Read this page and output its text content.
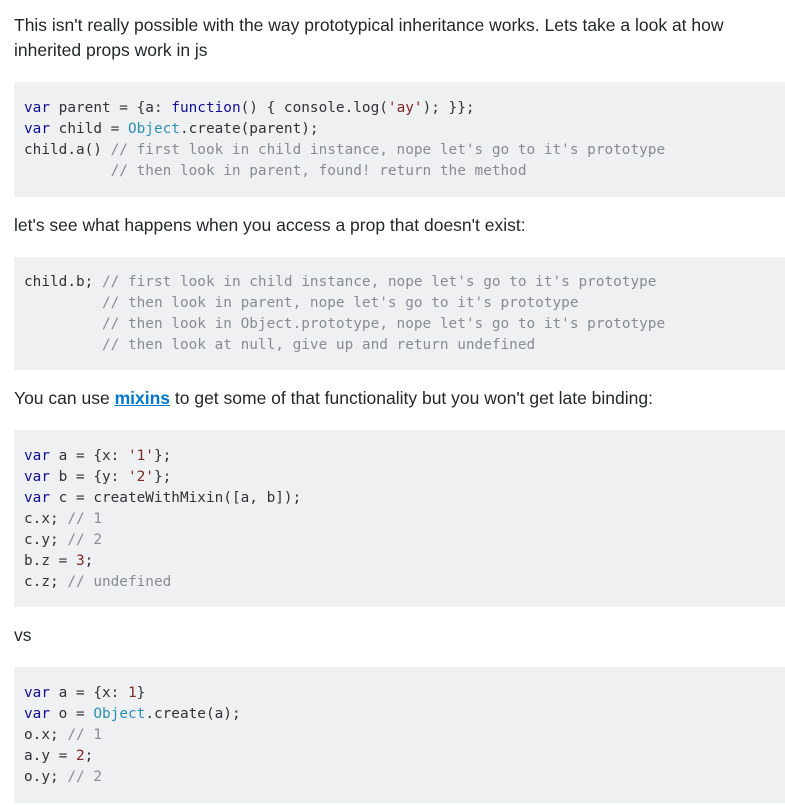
This isn't really possible with the way prototypical inheritance works. Lets take a look at how inherited props work in js

var parent = {a: function() { console.log('ay'); }};
var child = Object.create(parent);
child.a() // first look in child instance, nope let's go to it's prototype
// then look in parent, found! return the method

let's see what happens when you access a prop that doesn't exist:

child.b; // first look in child instance, nope let's go to it's prototype
// then look in parent, nope let's go to it's prototype
// then look in Object.prototype, nope let's go to it's prototype
// then look at null, give up and return undefined

You can use mixins to get some of that functionality but you won't get late binding:

var a = {x: '1'};
var b = {y: '2'};
var c = createWithMixin([a, b]);
c.x; // 1
c.y; // 2
b.z = 3;
c.z; // undefined

vs

var a = {x: 1}
var o = Object.create(a);
o.x; // 1
a.y = 2;
o.y; // 2
